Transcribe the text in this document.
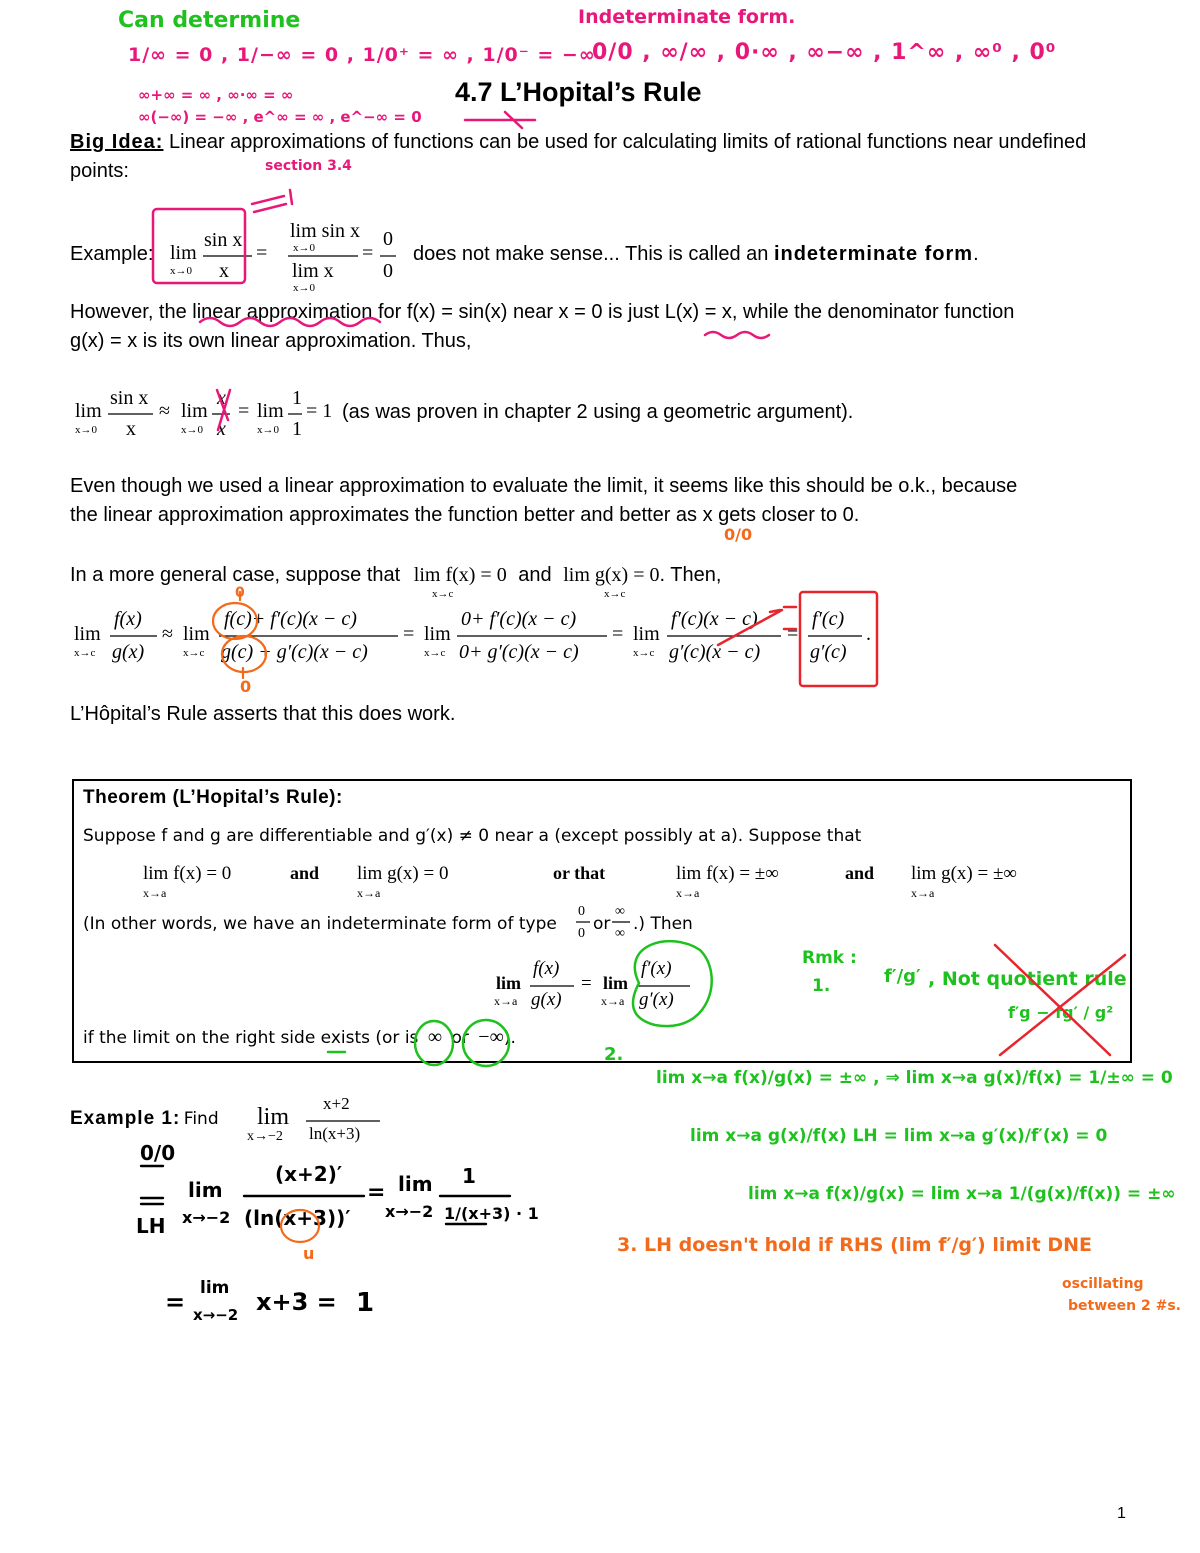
4.7 L’Hopital’s Rule
Can determine
1/∞ = 0 , 1/−∞ = 0 , 1/0⁺ = ∞ , 1/0⁻ = −∞
∞+∞ = ∞ , ∞·∞ = ∞
∞(−∞) = −∞ , e^∞ = ∞ , e^−∞ = 0
Indeterminate form.
0/0 , ∞/∞ , 0·∞ , ∞−∞ , 1^∞ , ∞⁰ , 0⁰
Big Idea: Linear approximations of functions can be used for calculating limits of rational functions near undefined points:	section 3.4
Example: lim
x→0
sin x
x
=
lim sin x
x→0
lim x
x→0
=
0
0
does not make sense... This is called an indeterminate form.
However, the linear approximation for f(x) = sin(x) near x = 0 is just L(x) = x, while the denominator function
g(x) = x is its own linear approximation. Thus,
lim
x→0
sin x
x
≈ lim
x→0
x
x
= lim
x→0
1
1
= 1 (as was proven in chapter 2 using a geometric argument).
Even though we used a linear approximation to evaluate the limit, it seems like this should be o.k., because
the linear approximation approximates the function better and better as x gets closer to 0.
0/0
In a more general case, suppose that lim f(x) = 0 and lim g(x) = 0. Then,
x→c	x→c
lim
x→c
f(x)
g(x)
≈ lim
x→c
f(c)+ f′(c)(x − c)
g(c) + g′(c)(x − c)
= lim
x→c
0+ f′(c)(x − c)
0+ g′(c)(x − c)
= lim
x→c
f′(c)(x − c)
g′(c)(x − c)
=
f′(c)
g′(c)
.
0
0
L’Hôpital’s Rule asserts that this does work.
Theorem (L’Hopital’s Rule):
Suppose f and g are differentiable and g′(x) ≠ 0 near a (except possibly at a). Suppose that
lim f(x) = 0
x→a
and lim g(x) = 0
x→a
or that	lim f(x) = ±∞
x→a
and lim g(x) = ±∞
x→a
(In other words, we have an indeterminate form of type
0
0 or
∞
∞ .) Then
lim
x→a
f(x)
g(x)
= lim
x→a
f′(x)
g′(x)
if the limit on the right side exists (or is ∞ or −∞).
Rmk :
1.	f′/g′ , Not quotient rule
f′g − fg′ / g²
2.
lim x→a f(x)/g(x) = ±∞ , ⇒ lim x→a g(x)/f(x) = 1/±∞ = 0
lim x→a g(x)/f(x) LH = lim x→a g′(x)/f′(x) = 0
lim x→a f(x)/g(x) = lim x→a 1/(g(x)/f(x)) = ±∞
3. LH doesn't hold if RHS (lim f′/g′) limit DNE
oscillating
between 2 #s.
Example 1: Find lim
x→−2
x+2
ln(x+3)
0/0
LH
lim
x→−2
(x+2)′
(ln(x+3))′
u
= lim
x→−2
1
1/(x+3) · 1
= lim
x→−2 x+3 = 1
1
